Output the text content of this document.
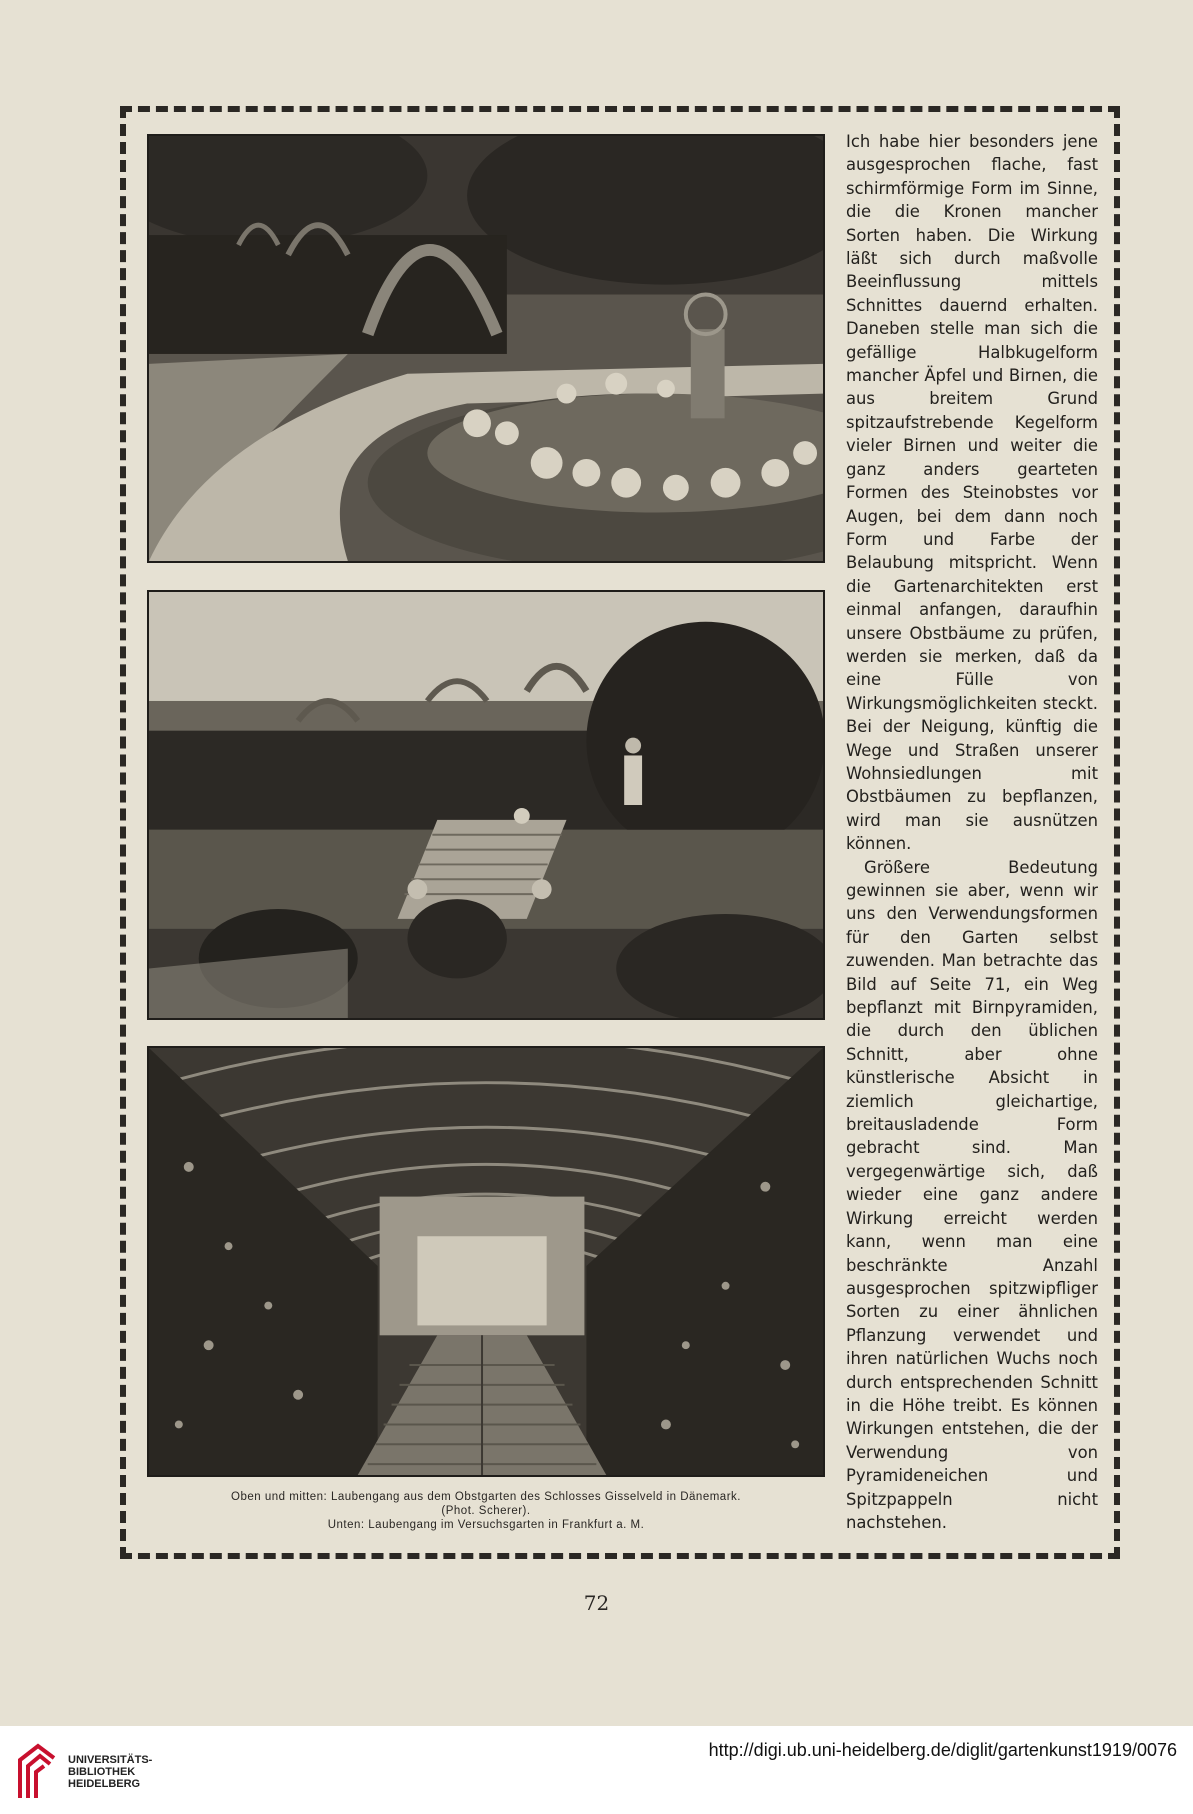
Oben und mitten: Laubengang aus dem Obstgarten des Schlosses Gisselveld in Dänemark.
(Phot. Scherer).
Unten: Laubengang im Versuchsgarten in Frankfurt a. M.

Ich habe hier besonders jene ausgesprochen flache, fast schirmförmige Form im Sinne, die die Kronen mancher Sorten haben. Die Wirkung läßt sich durch maßvolle Beeinflussung mittels Schnittes dauernd erhalten. Daneben stelle man sich die gefällige Halbkugelform mancher Äpfel und Birnen, die aus breitem Grund spitzaufstrebende Kegelform vieler Birnen und weiter die ganz anders gearteten Formen des Steinobstes vor Augen, bei dem dann noch Form und Farbe der Belaubung mitspricht. Wenn die Gartenarchitekten erst einmal anfangen, daraufhin unsere Obstbäume zu prüfen, werden sie merken, daß da eine Fülle von Wirkungsmöglichkeiten steckt. Bei der Neigung, künftig die Wege und Straßen unserer Wohnsiedlungen mit Obstbäumen zu bepflanzen, wird man sie ausnützen können.

Größere Bedeutung gewinnen sie aber, wenn wir uns den Verwendungsformen für den Garten selbst zuwenden. Man betrachte das Bild auf Seite 71, ein Weg bepflanzt mit Birnpyramiden, die durch den üblichen Schnitt, aber ohne künstlerische Absicht in ziemlich gleichartige, breitausladende Form gebracht sind. Man vergegenwärtige sich, daß wieder eine ganz andere Wirkung erreicht werden kann, wenn man eine beschränkte Anzahl ausgesprochen spitzwipfliger Sorten zu einer ähnlichen Pflanzung verwendet und ihren natürlichen Wuchs noch durch entsprechenden Schnitt in die Höhe treibt. Es können Wirkungen entstehen, die der Verwendung von Pyramideneichen und Spitzpappeln nicht nachstehen.

72
UNIVERSITÄTS-
BIBLIOTHEK
HEIDELBERG
http://digi.ub.uni-heidelberg.de/diglit/gartenkunst1919/0076
